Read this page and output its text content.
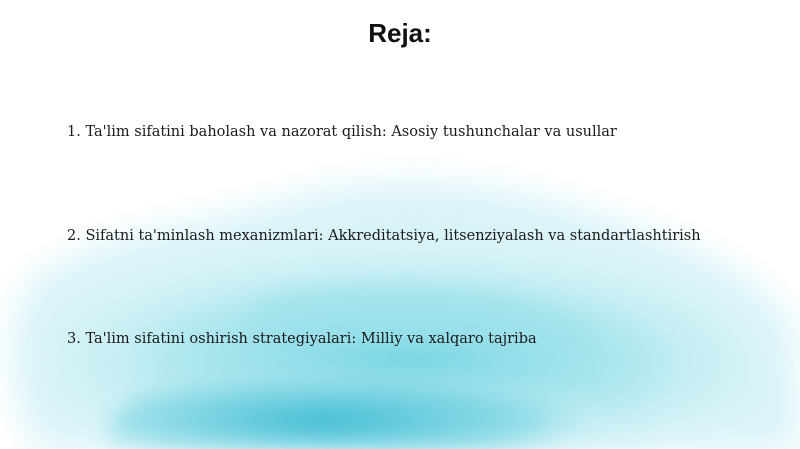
Reja:
1. Ta'lim sifatini baholash va nazorat qilish: Asosiy tushunchalar va usullar
2. Sifatni ta'minlash mexanizmlari: Akkreditatsiya, litsenziyalash va standartlashtirish
3. Ta'lim sifatini oshirish strategiyalari: Milliy va xalqaro tajriba
